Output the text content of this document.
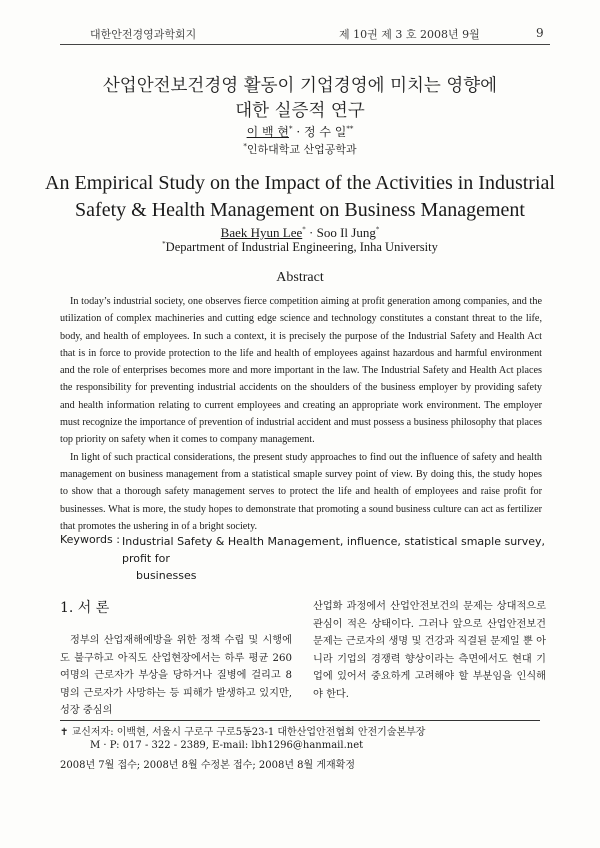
대한안전경영과학회지	제 10권 제 3 호 2008년 9월	9
산업안전보건경영 활동이 기업경영에 미치는 영향에
대한 실증적 연구
이 백 현* · 정 수 일**
*인하대학교 산업공학과
An Empirical Study on the Impact of the Activities in Industrial
Safety & Health Management on Business Management
Baek Hyun Lee* · Soo Il Jung*
*Department of Industrial Engineering, Inha University
Abstract

In today’s industrial society, one observes fierce competition aiming at profit generation among companies, and the utilization of complex machineries and cutting edge science and technology constitutes a constant threat to the life, body, and health of employees. In such a context, it is precisely the purpose of the Industrial Safety and Health Act that is in force to provide protection to the life and health of employees against hazardous and harmful environment and the role of enterprises becomes more and more important in the law. The Industrial Safety and Health Act places the responsibility for preventing industrial accidents on the shoulders of the business employer by providing safety and health information relating to current employees and creating an appropriate work environment. The employer must recognize the importance of prevention of industrial accident and must possess a business philosophy that places top priority on safety when it comes to company management.

In light of such practical considerations, the present study approaches to find out the influence of safety and health management on business management from a statistical smaple survey point of view. By doing this, the study hopes to show that a thorough safety management serves to protect the life and health of employees and raise profit for businesses. What is more, the study hopes to demonstrate that promoting a sound business culture can act as fertilizer that promotes the ushering in of a bright society.

Keywords : Industrial Safety & Health Management, influence, statistical smaple survey, profit for
businesses
1. 서 론
정부의 산업재해예방을 위한 정책 수립 및 시행에도 불구하고 아직도 산업현장에서는 하루 평균 260여명의 근로자가 부상을 당하거나 질병에 걸리고 8명의 근로자가 사망하는 등 피해가 발생하고 있지만, 성장 중심의
산업화 과정에서 산업안전보건의 문제는 상대적으로 관심이 적은 상태이다. 그러나 앞으로 산업안전보건 문제는 근로자의 생명 및 건강과 직결된 문제일 뿐 아니라 기업의 경쟁력 향상이라는 측면에서도 현대 기업에 있어서 중요하게 고려해야 할 부분임을 인식해야 한다.
✝ 교신저자: 이백현, 서울시 구로구 구로5동23-1 대한산업안전협회 안전기술본부장
M · P: 017 - 322 - 2389, E-mail: lbh1296@hanmail.net
2008년 7월 접수; 2008년 8월 수정본 접수; 2008년 8월 게재확정
